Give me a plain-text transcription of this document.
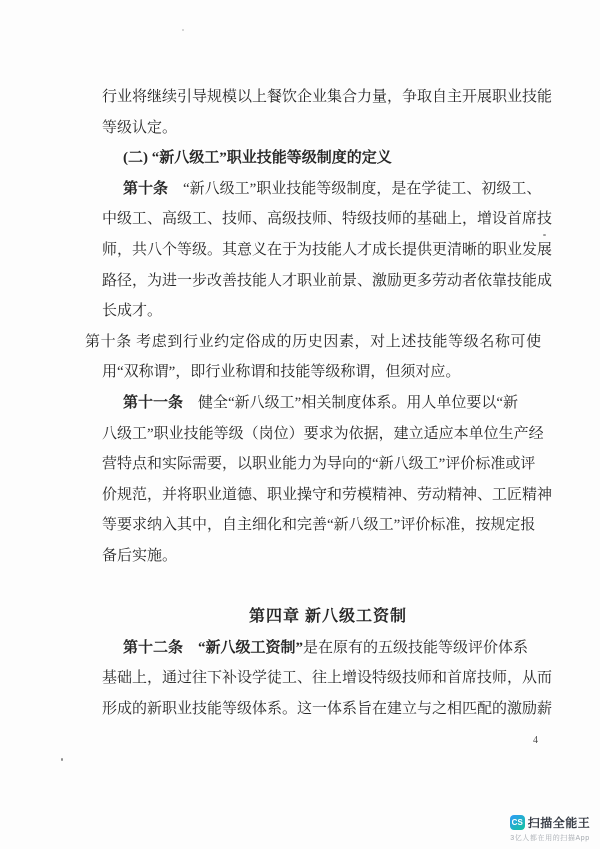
行业将继续引导规模以上餐饮企业集合力量，争取自主开展职业技能
等级认定。
(二) “新八级工”职业技能等级制度的定义
第十条　“新八级工”职业技能等级制度，是在学徒工、初级工、
中级工、高级工、技师、高级技师、特级技师的基础上，增设首席技
师，共八个等级。其意义在于为技能人才成长提供更清晰的职业发展
路径，为进一步改善技能人才职业前景、激励更多劳动者依靠技能成
长成才。
第十条 考虑到行业约定俗成的历史因素，对上述技能等级名称可使
用“双称谓”，即行业称谓和技能等级称谓，但须对应。
第十一条　健全“新八级工”相关制度体系。用人单位要以“新
八级工”职业技能等级（岗位）要求为依据，建立适应本单位生产经
营特点和实际需要，以职业能力为导向的“新八级工”评价标准或评
价规范，并将职业道德、职业操守和劳模精神、劳动精神、工匠精神
等要求纳入其中，自主细化和完善“新八级工”评价标准，按规定报
备后实施。
第四章 新八级工资制
第十二条　“新八级工资制”是在原有的五级技能等级评价体系
基础上，通过往下补设学徒工、往上增设特级技师和首席技师，从而
形成的新职业技能等级体系。这一体系旨在建立与之相匹配的激励薪
4
CS 扫描全能王
3亿人都在用的扫描App
